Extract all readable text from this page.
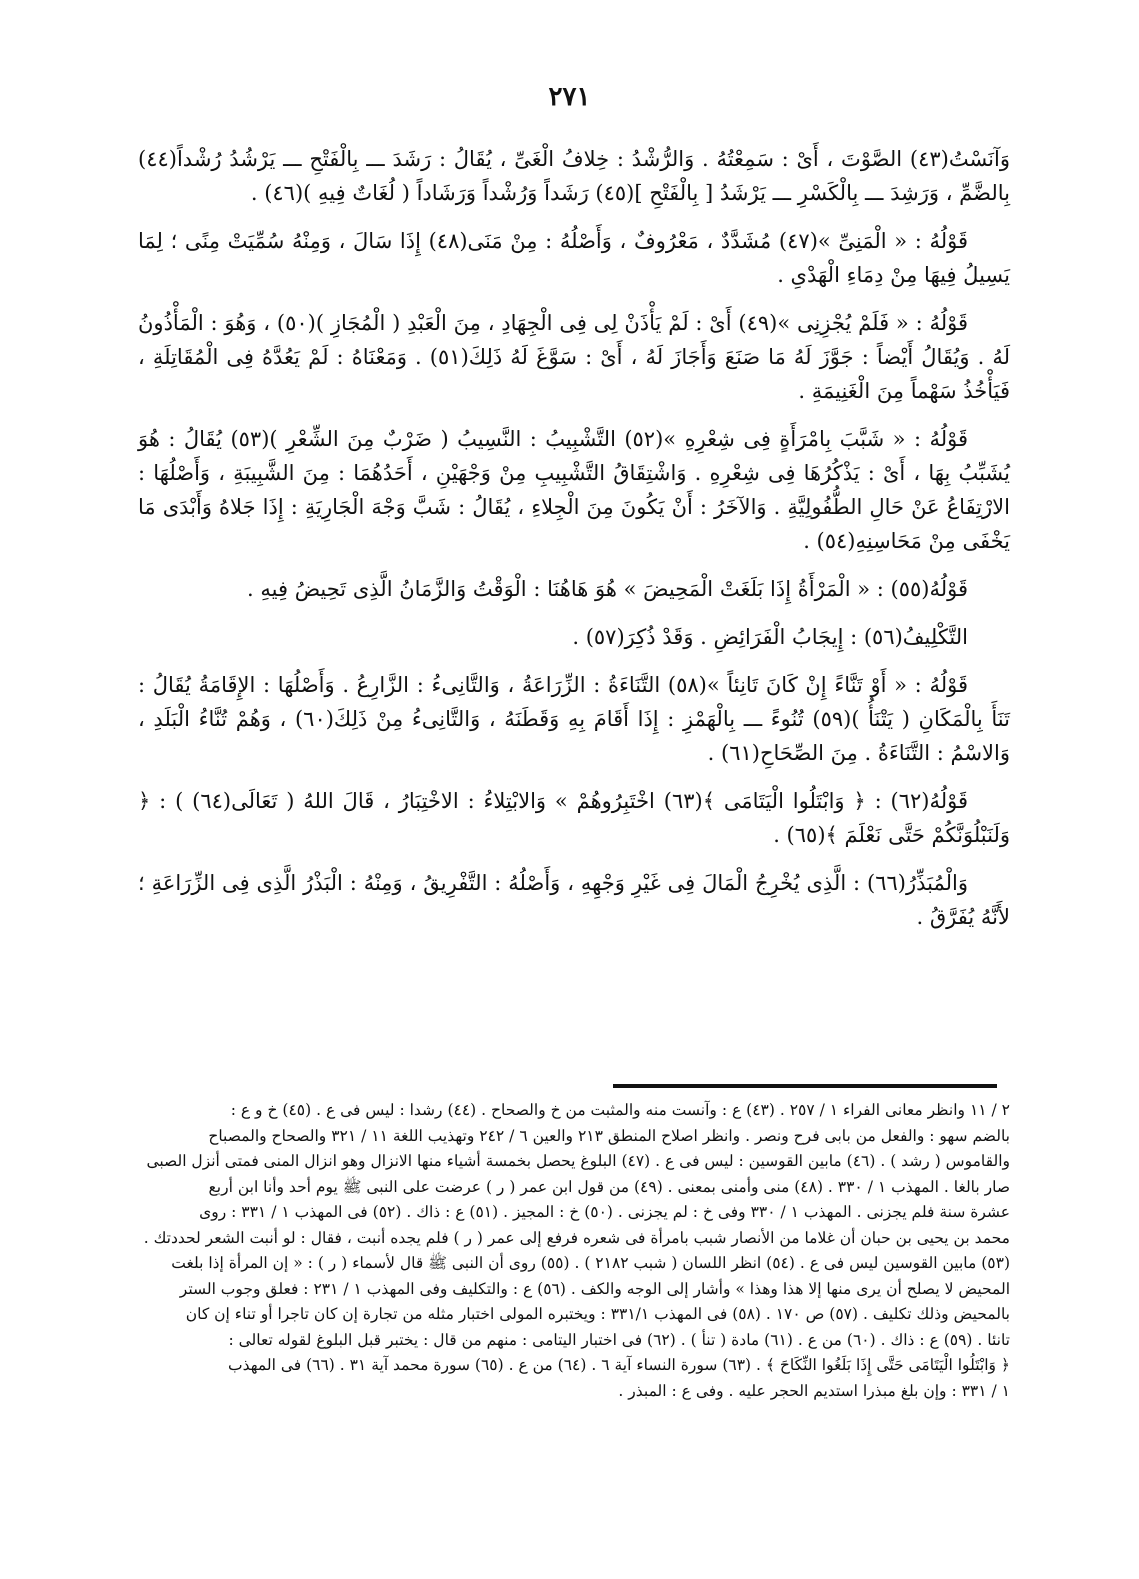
٢٧١

وَآنَسْتُ(٤٣) الصَّوْتَ ، أَىْ : سَمِعْتُهُ . وَالرُّشْدُ : خِلافُ الْغَىِّ ، يُقَالُ : رَشَدَ ـــ بِالْفَتْحِ ـــ يَرْشُدُ رُشْداً(٤٤) بِالضَّمِّ ، وَرَشِدَ ـــ بِالْكَسْرِ ـــ يَرْشَدُ [ بِالْفَتْحِ ](٤٥) رَشَداً وَرُشْداً وَرَشَاداً ( لُغَاتٌ فِيهِ )(٤٦) .

قَوْلُهُ : « الْمَنِىِّ »(٤٧) مُشَدَّدٌ ، مَعْرُوفٌ ، وَأَصْلُهُ : مِنْ مَنَى(٤٨) إِذَا سَالَ ، وَمِنْهُ سُمِّيَتْ مِنًى ؛ لِمَا يَسِيلُ فِيهَا مِنْ دِمَاءِ الْهَدْىِ .

قَوْلُهُ : « فَلَمْ يُجْزِنِى »(٤٩) أَىْ : لَمْ يَأْذَنْ لِى فِى الْجِهَادِ ، مِنَ الْعَبْدِ ( الْمُجَازِ )(٥٠) ، وَهُوَ : الْمَأْذُونُ لَهُ . وَيُقَالُ أَيْضاً : جَوَّزَ لَهُ مَا صَنَعَ وَأَجَازَ لَهُ ، أَىْ : سَوَّغَ لَهُ ذَلِكَ(٥١) . وَمَعْنَاهُ : لَمْ يَعُدَّهُ فِى الْمُقَاتِلَةِ ، فَيَأْخُذُ سَهْماً مِنَ الْغَنِيمَةِ .

قَوْلُهُ : « شَبَّبَ بِامْرَأَةٍ فِى شِعْرِهِ »(٥٢) التَّشْبِيبُ : النَّسِيبُ ( ضَرْبٌ مِنَ الشِّعْرِ )(٥٣) يُقَالُ : هُوَ يُشَبِّبُ بِهَا ، أَىْ : يَذْكُرُهَا فِى شِعْرِهِ . وَاشْتِقَاقُ التَّشْبِيبِ مِنْ وَجْهَيْنِ ، أَحَدُهُمَا : مِنَ الشَّبِيبَةِ ، وَأَصْلُهَا : الارْتِفَاعُ عَنْ حَالِ الطُّفُولِيَّةِ . وَالآخَرُ : أَنْ يَكُونَ مِنَ الْجِلاءِ ، يُقَالُ : شَبَّ وَجْهَ الْجَارِيَةِ : إِذَا جَلاهُ وَأَبْدَى مَا يَخْفَى مِنْ مَحَاسِنِهِ(٥٤) .

قَوْلُهُ(٥٥) : « الْمَرْأَةُ إِذَا بَلَغَتْ الْمَحِيضَ » هُوَ هَاهُنَا : الْوَقْتُ وَالزَّمَانُ الَّذِى تَحِيضُ فِيهِ .

التَّكْلِيفُ(٥٦) : إِيجَابُ الْفَرَائِضِ . وَقَدْ ذُكِرَ(٥٧) .

قَوْلُهُ : « أَوْ تَنَّاءً إِنْ كَانَ تَانِئاً »(٥٨) التَّنَاءَةُ : الزِّرَاعَةُ ، وَالتَّانِىءُ : الزَّارِعُ . وَأَصْلُهَا : الإِقَامَةُ يُقَالُ : تَنَأَ بِالْمَكَانِ ( يَتْنَأُ )(٥٩) تُنُوءً ـــ بِالْهَمْزِ : إِذَا أَقَامَ بِهِ وَقَطَنَهُ ، وَالتَّانِىءُ مِنْ ذَلِكَ(٦٠) ، وَهُمْ تُنَّاءُ الْبَلَدِ ، وَالاسْمُ : التَّنَاءَةُ . مِنَ الصِّحَاحِ(٦١) .

قَوْلُهُ(٦٢) : ﴿ وَابْتَلُوا الْيَتَامَى ﴾(٦٣) اخْتَبِرُوهُمْ » وَالابْتِلاءُ : الاخْتِبَارُ ، قَالَ اللهُ ( تَعَالَى(٦٤) ) : ﴿ وَلَنَبْلُوَنَّكُمْ حَتَّى نَعْلَمَ ﴾(٦٥) .

وَالْمُبَذِّرُ(٦٦) : الَّذِى يُخْرِجُ الْمَالَ فِى غَيْرِ وَجْهِهِ ، وَأَصْلُهُ : التَّفْرِيقُ ، وَمِنْهُ : الْبَذْرُ الَّذِى فِى الزِّرَاعَةِ ؛ لأَنَّهُ يُفَرَّقُ .

٢ / ١١ وانظر معانى الفراء ١ / ٢٥٧ . (٤٣) ع : وآنست منه والمثبت من خ والصحاح . (٤٤) رشدا : ليس فى ع . (٤٥) خ و ع :

بالضم سهو : والفعل من بابى فرح ونصر . وانظر اصلاح المنطق ٢١٣ والعين ٦ / ٢٤٢ وتهذيب اللغة ١١ / ٣٢١ والصحاح والمصباح

والقاموس ( رشد ) . (٤٦) مابين القوسين : ليس فى ع . (٤٧) البلوغ يحصل بخمسة أشياء منها الانزال وهو انزال المنى فمتى أنزل الصبى

صار بالغا . المهذب ١ / ٣٣٠ . (٤٨) منى وأمنى بمعنى . (٤٩) من قول ابن عمر ( ر ) عرضت على النبى ﷺ يوم أحد وأنا ابن أربع

عشرة سنة فلم يجزنى . المهذب ١ / ٣٣٠ وفى خ : لم يجزنى . (٥٠) خ : المجيز . (٥١) ع : ذاك . (٥٢) فى المهذب ١ / ٣٣١ : روى

محمد بن يحيى بن حبان أن غلاما من الأنصار شبب بامرأة فى شعره فرفع إلى عمر ( ر ) فلم يجده أنبت ، فقال : لو أنبت الشعر لحددتك .

(٥٣) مابين القوسين ليس فى ع . (٥٤) انظر اللسان ( شبب ٢١٨٢ ) . (٥٥) روى أن النبى ﷺ قال لأسماء ( ر ) : « إن المرأة إذا بلغت

المحيض لا يصلح أن يرى منها إلا هذا وهذا » وأشار إلى الوجه والكف . (٥٦) ع : والتكليف وفى المهذب ١ / ٢٣١ : فعلق وجوب الستر

بالمحيض وذلك تكليف . (٥٧) ص ١٧٠ . (٥٨) فى المهذب ٣٣١/١ : ويختبره المولى اختبار مثله من تجارة إن كان تاجرا أو تناء إن كان

تانئا . (٥٩) ع : ذاك . (٦٠) من ع . (٦١) مادة ( تنأ ) . (٦٢) فى اختبار اليتامى : منهم من قال : يختبر قبل البلوغ لقوله تعالى :

﴿ وَابْتَلُوا الْيَتَامَى حَتَّى إِذَا بَلَغُوا النِّكَاحَ ﴾ . (٦٣) سورة النساء آية ٦ . (٦٤) من ع . (٦٥) سورة محمد آية ٣١ . (٦٦) فى المهذب

١ / ٣٣١ : وإن بلغ مبذرا استديم الحجر عليه . وفى ع : المبذر .
